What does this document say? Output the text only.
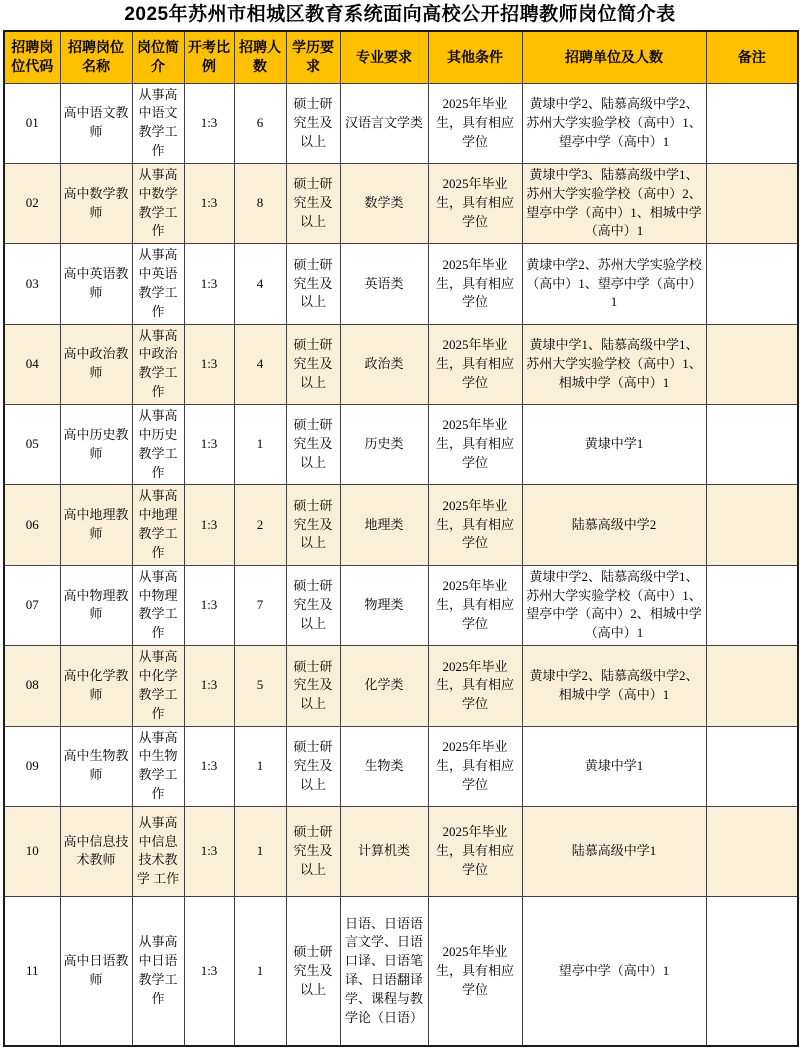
2025年苏州市相城区教育系统面向高校公开招聘教师岗位简介表
招聘岗位代码	招聘岗位名称	岗位简介	开考比例	招聘人数	学历要求	专业要求	其他条件	招聘单位及人数	备注
01	高中语文教师	从事高中语文教学工作	1:3	6	硕士研究生及以上	汉语言文学类	2025年毕业生，具有相应学位	黄埭中学2、陆慕高级中学2、苏州大学实验学校（高中）1、望亭中学（高中）1	
02	高中数学教师	从事高中数学教学工作	1:3	8	硕士研究生及以上	数学类	2025年毕业生，具有相应学位	黄埭中学3、陆慕高级中学1、苏州大学实验学校（高中）2、望亭中学（高中）1、相城中学（高中）1	
03	高中英语教师	从事高中英语教学工作	1:3	4	硕士研究生及以上	英语类	2025年毕业生，具有相应学位	黄埭中学2、苏州大学实验学校（高中）1、望亭中学（高中）1	
04	高中政治教师	从事高中政治教学工作	1:3	4	硕士研究生及以上	政治类	2025年毕业生，具有相应学位	黄埭中学1、陆慕高级中学1、苏州大学实验学校（高中）1、相城中学（高中）1	
05	高中历史教师	从事高中历史教学工作	1:3	1	硕士研究生及以上	历史类	2025年毕业生，具有相应学位	黄埭中学1	
06	高中地理教师	从事高中地理教学工作	1:3	2	硕士研究生及以上	地理类	2025年毕业生，具有相应学位	陆慕高级中学2	
07	高中物理教师	从事高中物理教学工作	1:3	7	硕士研究生及以上	物理类	2025年毕业生，具有相应学位	黄埭中学2、陆慕高级中学1、苏州大学实验学校（高中）1、望亭中学（高中）2、相城中学（高中）1	
08	高中化学教师	从事高中化学教学工作	1:3	5	硕士研究生及以上	化学类	2025年毕业生，具有相应学位	黄埭中学2、陆慕高级中学2、相城中学（高中）1	
09	高中生物教师	从事高中生物教学工作	1:3	1	硕士研究生及以上	生物类	2025年毕业生，具有相应学位	黄埭中学1	
10	高中信息技术教师	从事高中信息技术教学 工作	1:3	1	硕士研究生及以上	计算机类	2025年毕业生，具有相应学位	陆慕高级中学1	
11	高中日语教师	从事高中日语教学工作	1:3	1	硕士研究生及以上	日语、日语语言文学、日语口译、日语笔译、日语翻译学、课程与教学论（日语）	2025年毕业生，具有相应学位	望亭中学（高中）1	
